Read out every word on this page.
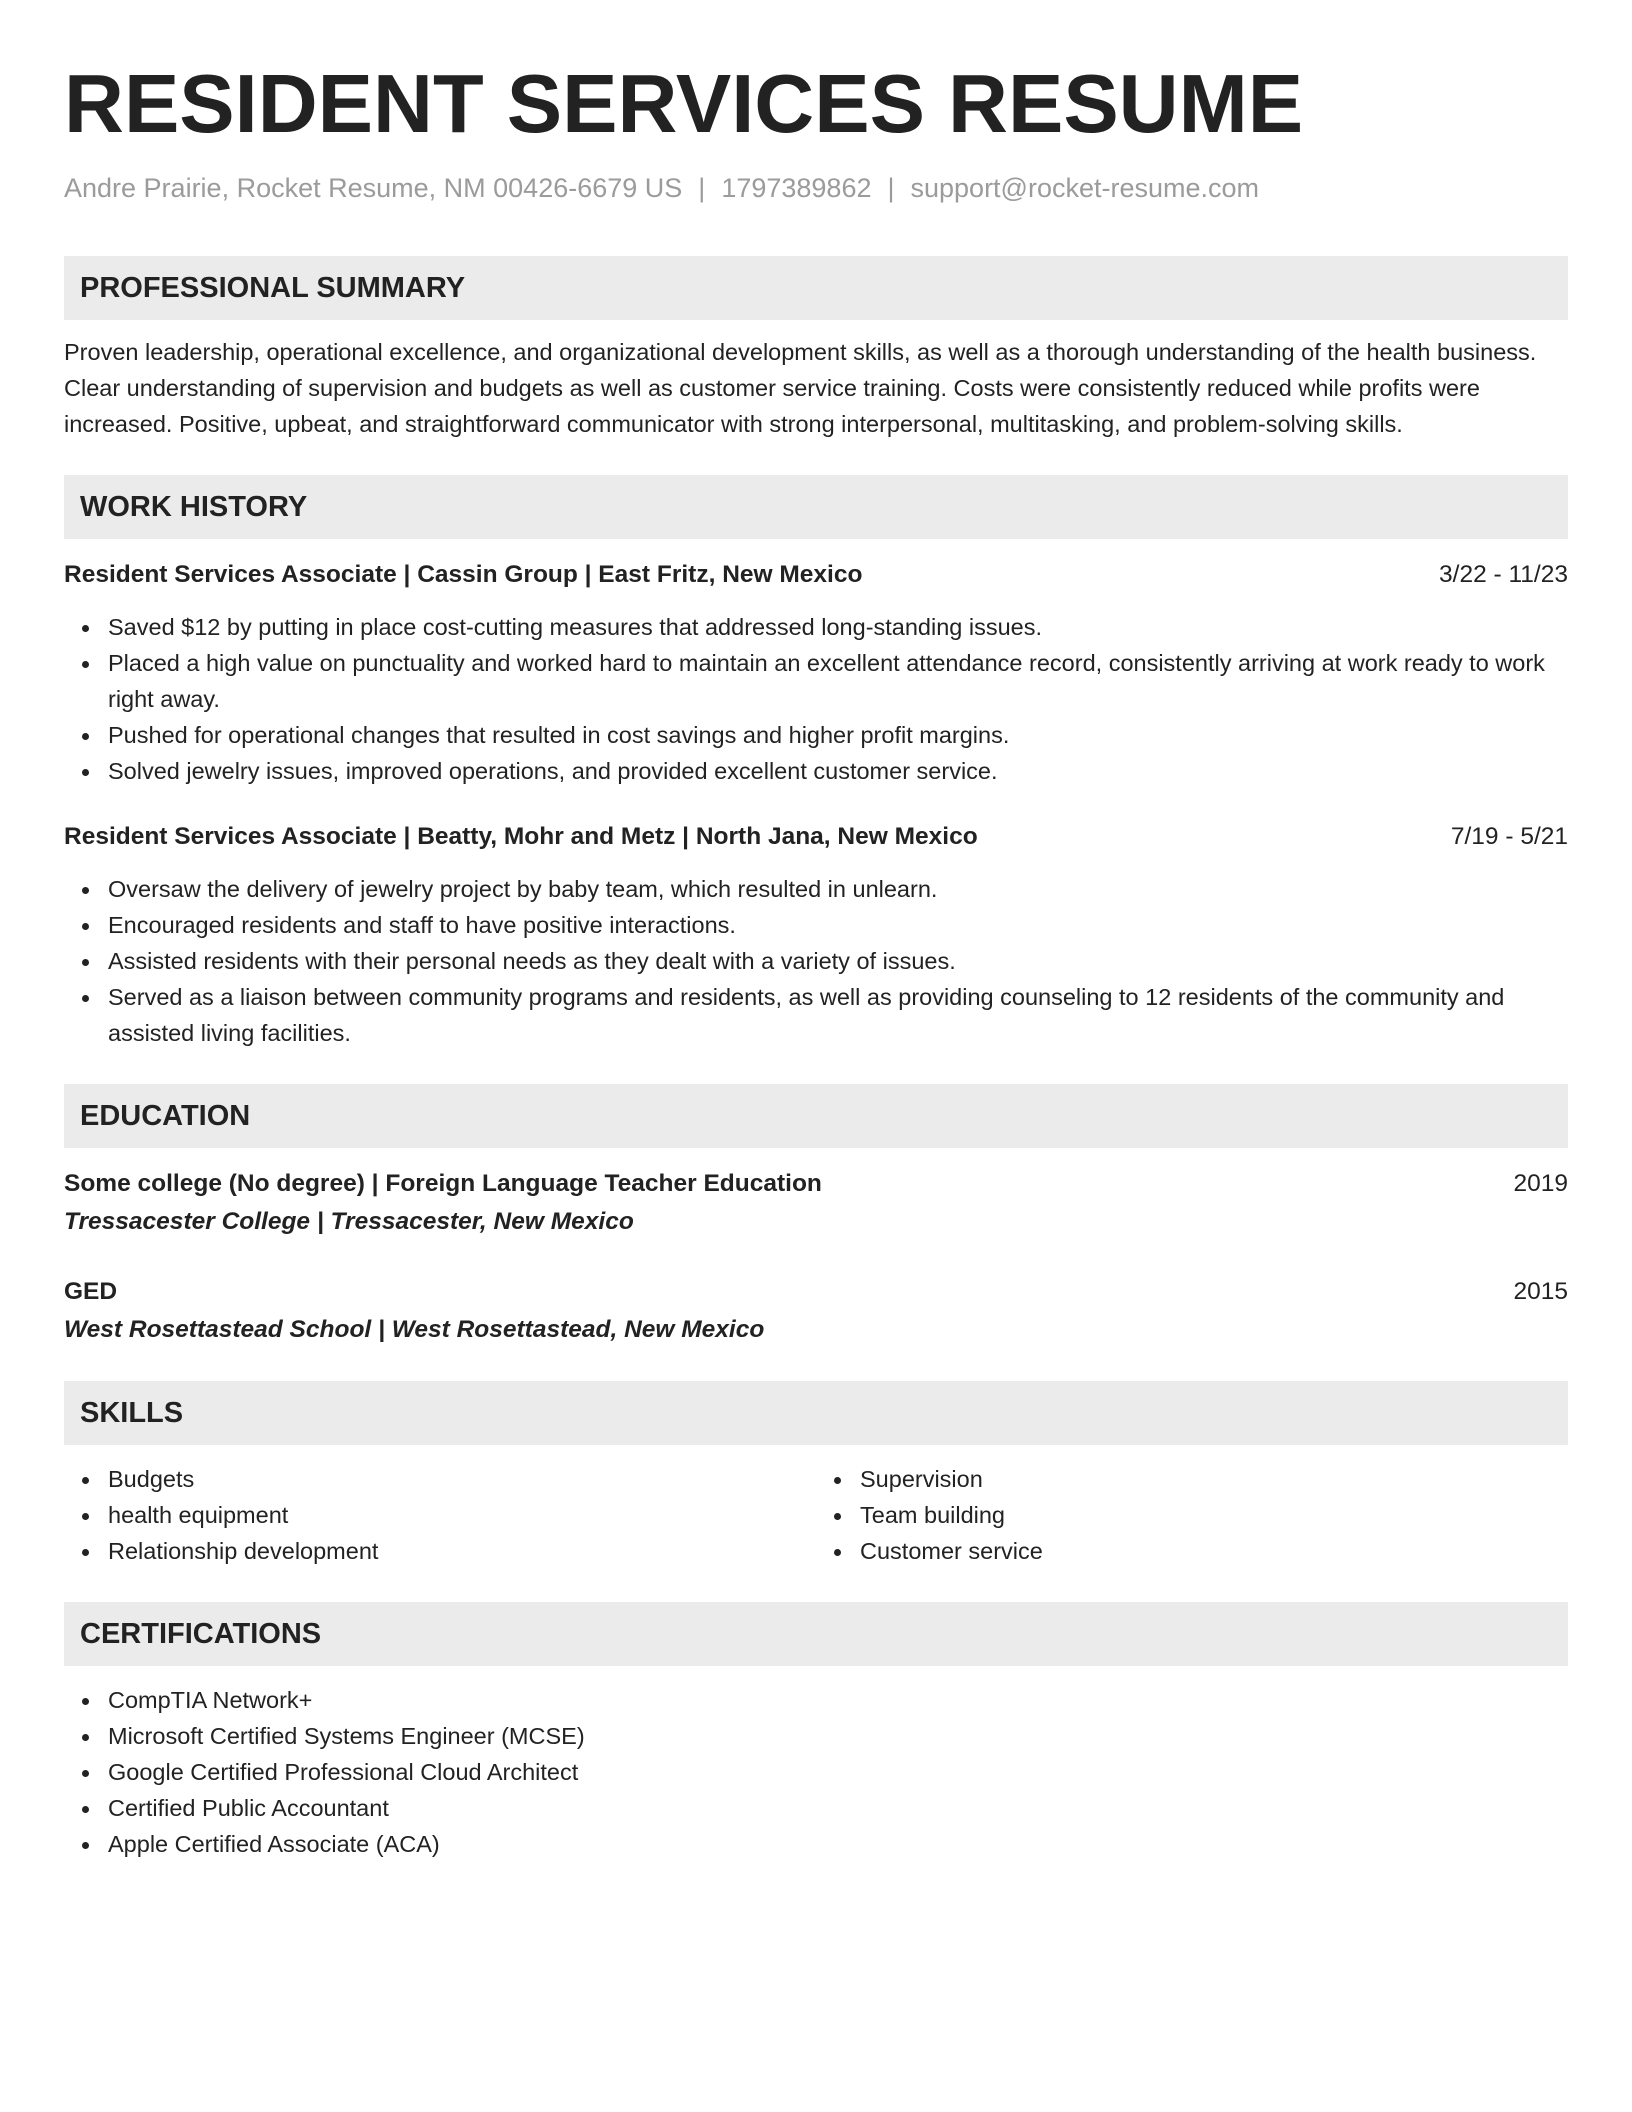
RESIDENT SERVICES RESUME
Andre Prairie, Rocket Resume, NM 00426-6679 US | 1797389862 | support@rocket-resume.com
PROFESSIONAL SUMMARY
Proven leadership, operational excellence, and organizational development skills, as well as a thorough understanding of the health business. Clear understanding of supervision and budgets as well as customer service training. Costs were consistently reduced while profits were increased. Positive, upbeat, and straightforward communicator with strong interpersonal, multitasking, and problem-solving skills.
WORK HISTORY
Resident Services Associate | Cassin Group | East Fritz, New Mexico	3/22 - 11/23
Saved $12 by putting in place cost-cutting measures that addressed long-standing issues.
Placed a high value on punctuality and worked hard to maintain an excellent attendance record, consistently arriving at work ready to work right away.
Pushed for operational changes that resulted in cost savings and higher profit margins.
Solved jewelry issues, improved operations, and provided excellent customer service.
Resident Services Associate | Beatty, Mohr and Metz | North Jana, New Mexico	7/19 - 5/21
Oversaw the delivery of jewelry project by baby team, which resulted in unlearn.
Encouraged residents and staff to have positive interactions.
Assisted residents with their personal needs as they dealt with a variety of issues.
Served as a liaison between community programs and residents, as well as providing counseling to 12 residents of the community and assisted living facilities.
EDUCATION
Some college (No degree) | Foreign Language Teacher Education	2019
Tressacester College | Tressacester, New Mexico
GED	2015
West Rosettastead School | West Rosettastead, New Mexico
SKILLS
Budgets
health equipment
Relationship development
Supervision
Team building
Customer service
CERTIFICATIONS
CompTIA Network+
Microsoft Certified Systems Engineer (MCSE)
Google Certified Professional Cloud Architect
Certified Public Accountant
Apple Certified Associate (ACA)
